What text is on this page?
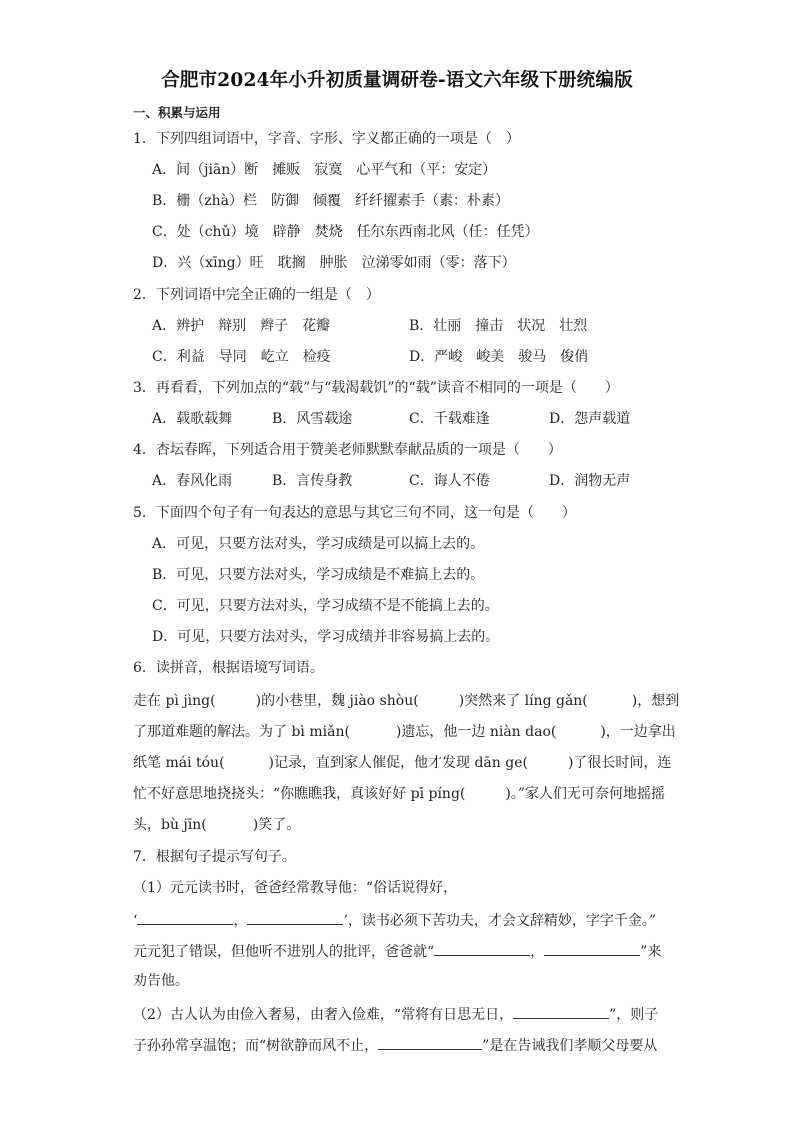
合肥市2024年小升初质量调研卷-语文六年级下册统编版
一、积累与运用
1．下列四组词语中，字音、字形、字义都正确的一项是（　）
A．间（jiān）断　摊贩　寂寞　心平气和（平：安定）
B．栅（zhà）栏　防御　倾覆　纤纤擢素手（素：朴素）
C．处（chǔ）境　辟静　焚烧　任尔东西南北风（任：任凭）
D．兴（xīng）旺　耽搁　肿胀　泣涕零如雨（零：落下）
2．下列词语中完全正确的一组是（　）
A．辨护　辩别　辫子　花瓣	B．壮丽　撞击　状况　壮烈
C．利益　导同　屹立　检疫	D．严峻　峻美　骏马　俊俏
3．再看看，下列加点的“载”与“载渴载饥”的“载”读音不相同的一项是（　　）
A．载歌载舞	B．风雪载途	C．千载难逢	D．怨声载道
4．杏坛春晖，下列适合用于赞美老师默默奉献品质的一项是（　　）
A．春风化雨	B．言传身教	C．诲人不倦	D．润物无声
5．下面四个句子有一句表达的意思与其它三句不同，这一句是（　　）
A．可见，只要方法对头，学习成绩是可以搞上去的。
B．可见，只要方法对头，学习成绩是不难搞上去的。
C．可见，只要方法对头，学习成绩不是不能搞上去的。
D．可见，只要方法对头，学习成绩并非容易搞上去的。
6．读拼音，根据语境写词语。
走在 pì jìng(	)的小巷里，魏 jiào shòu(	)突然来了 líng gǎn(	)，想到
了那道难题的解法。为了 bì miǎn(	)遗忘，他一边 niàn dao(	)，一边拿出
纸笔 mái tóu(	)记录，直到家人催促，他才发现 dān ge(	)了很长时间，连
忙不好意思地挠挠头：“你瞧瞧我，真该好好 pī píng(	)。”家人们无可奈何地摇摇
头，bù jīn(	)笑了。
7．根据句子提示写句子。
（1）元元读书时，爸爸经常教导他：“俗话说得好，
‘	，	’，读书必须下苦功夫，才会文辞精妙，字字千金。”
元元犯了错误，但他听不进别人的批评，爸爸就“	，	”来
劝告他。
（2）古人认为由俭入奢易，由奢入俭难，“常将有日思无日，	”，则子
子孙孙常享温饱；而“树欲静而风不止，	”是在告诫我们孝顺父母要从
